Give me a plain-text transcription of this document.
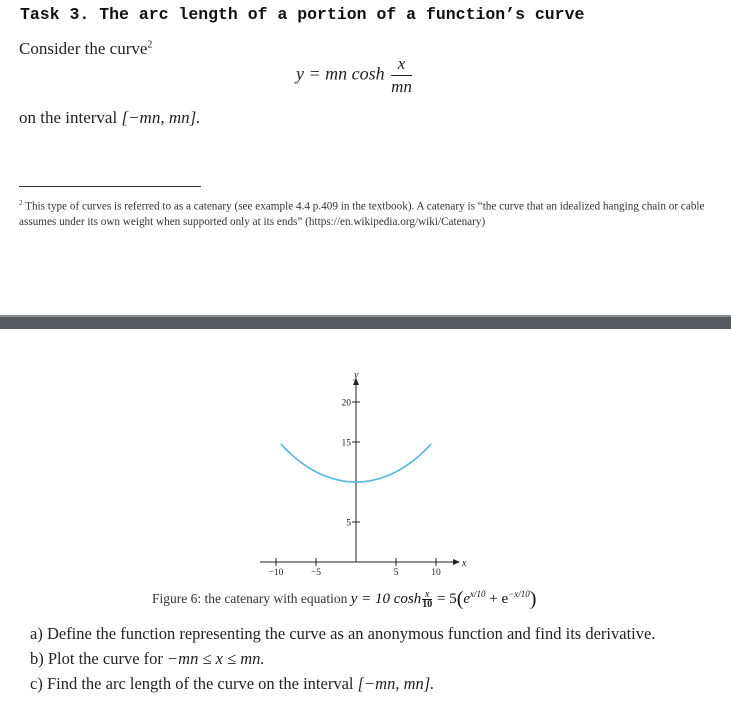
Task 3. The arc length of a portion of a function’s curve
Consider the curve$^2$
y = mn $\cosh \frac{x}{mn}$
on the interval [−mn, mn].
$^2$ This type of curves is referred to as a catenary (see example 4.4 p.409 in the textbook). A catenary is “the curve that an idealized hanging chain or cable assumes under its own weight when supported only at its ends” (https://en.wikipedia.org/wiki/Catenary)
x
y
−10	−5	5	10
5
15
20
Figure 6: the catenary with equation y = 10 $\cosh \frac{x}{10} = 5(e^{x/10} + e^{-x/10})$
a) Define the function representing the curve as an anonymous function and find its derivative.
b) Plot the curve for −mn ≤ x ≤ mn.
c) Find the arc length of the curve on the interval [−mn, mn].
